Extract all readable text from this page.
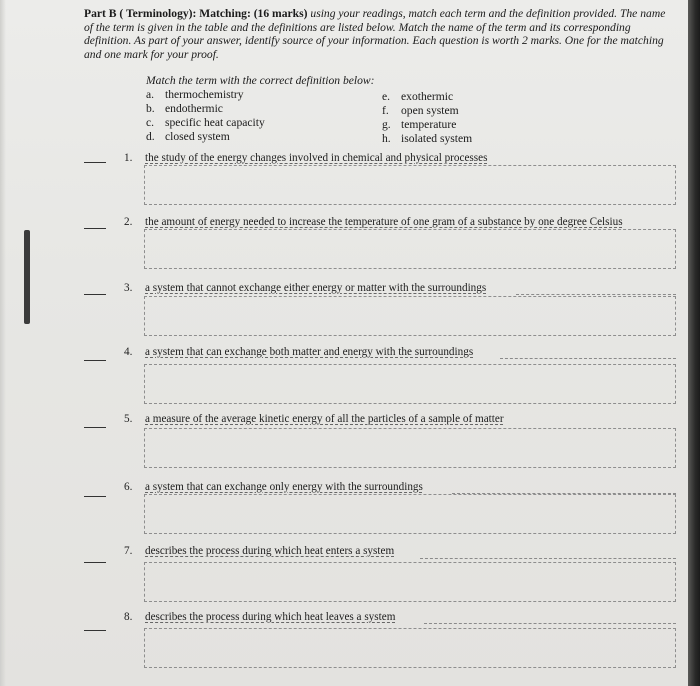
Part B ( Terminology): Matching: (16 marks) using your readings, match each term and the definition provided. The name of the term is given in the table and the definitions are listed below. Match the name of the term and its corresponding definition. As part of your answer, identify source of your information. Each question is worth 2 marks. One for the matching and one mark for your proof.
Match the term with the correct definition below:
a. thermochemistry
b. endothermic
c. specific heat capacity
d. closed system
e. exothermic
f. open system
g. temperature
h. isolated system
1. the study of the energy changes involved in chemical and physical processes
2. the amount of energy needed to increase the temperature of one gram of a substance by one degree Celsius
3. a system that cannot exchange either energy or matter with the surroundings
4. a system that can exchange both matter and energy with the surroundings
5. a measure of the average kinetic energy of all the particles of a sample of matter
6. a system that can exchange only energy with the surroundings
7. describes the process during which heat enters a system
8. describes the process during which heat leaves a system
